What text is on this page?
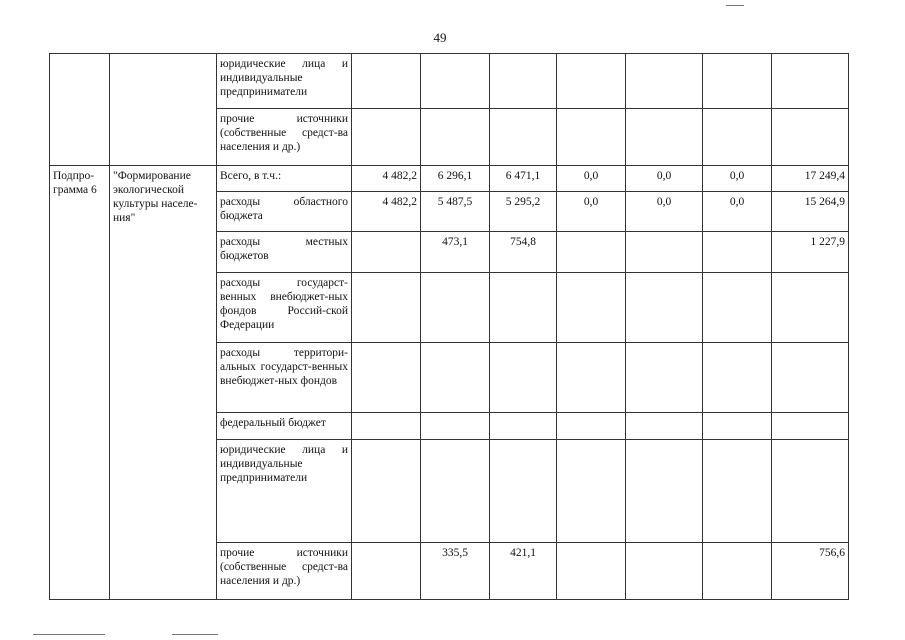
49
		юридические лица и индивидуальные предприниматели							
		прочие источники (собственные средст-ва населения и др.)							
Подпро-грамма 6	"Формирование экологической культуры населе-ния"	Всего, в т.ч.:	4 482,2	6 296,1	6 471,1	0,0	0,0	0,0	17 249,4
		расходы областного бюджета	4 482,2	5 487,5	5 295,2	0,0	0,0	0,0	15 264,9
		расходы местных бюджетов		473,1	754,8				1 227,9
		расходы государст-венных внебюджет-ных фондов Россий-ской Федерации							
		расходы территори-альных государст-венных внебюджет-ных фондов							
		федеральный бюджет							
		юридические лица и индивидуальные предприниматели							
		прочие источники (собственные средст-ва населения и др.)		335,5	421,1				756,6
